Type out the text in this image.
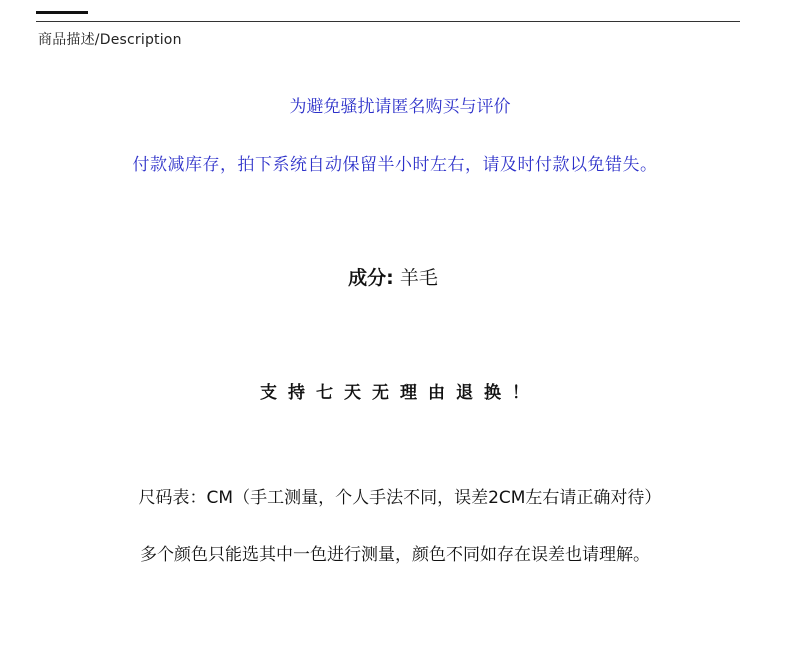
商品描述/Description
为避免骚扰请匿名购买与评价
付款减库存，拍下系统自动保留半小时左右，请及时付款以免错失。
成分: 羊毛
支持七天无理由退换！
尺码表：CM（手工测量，个人手法不同，误差2CM左右请正确对待）
多个颜色只能选其中一色进行测量，颜色不同如存在误差也请理解。
